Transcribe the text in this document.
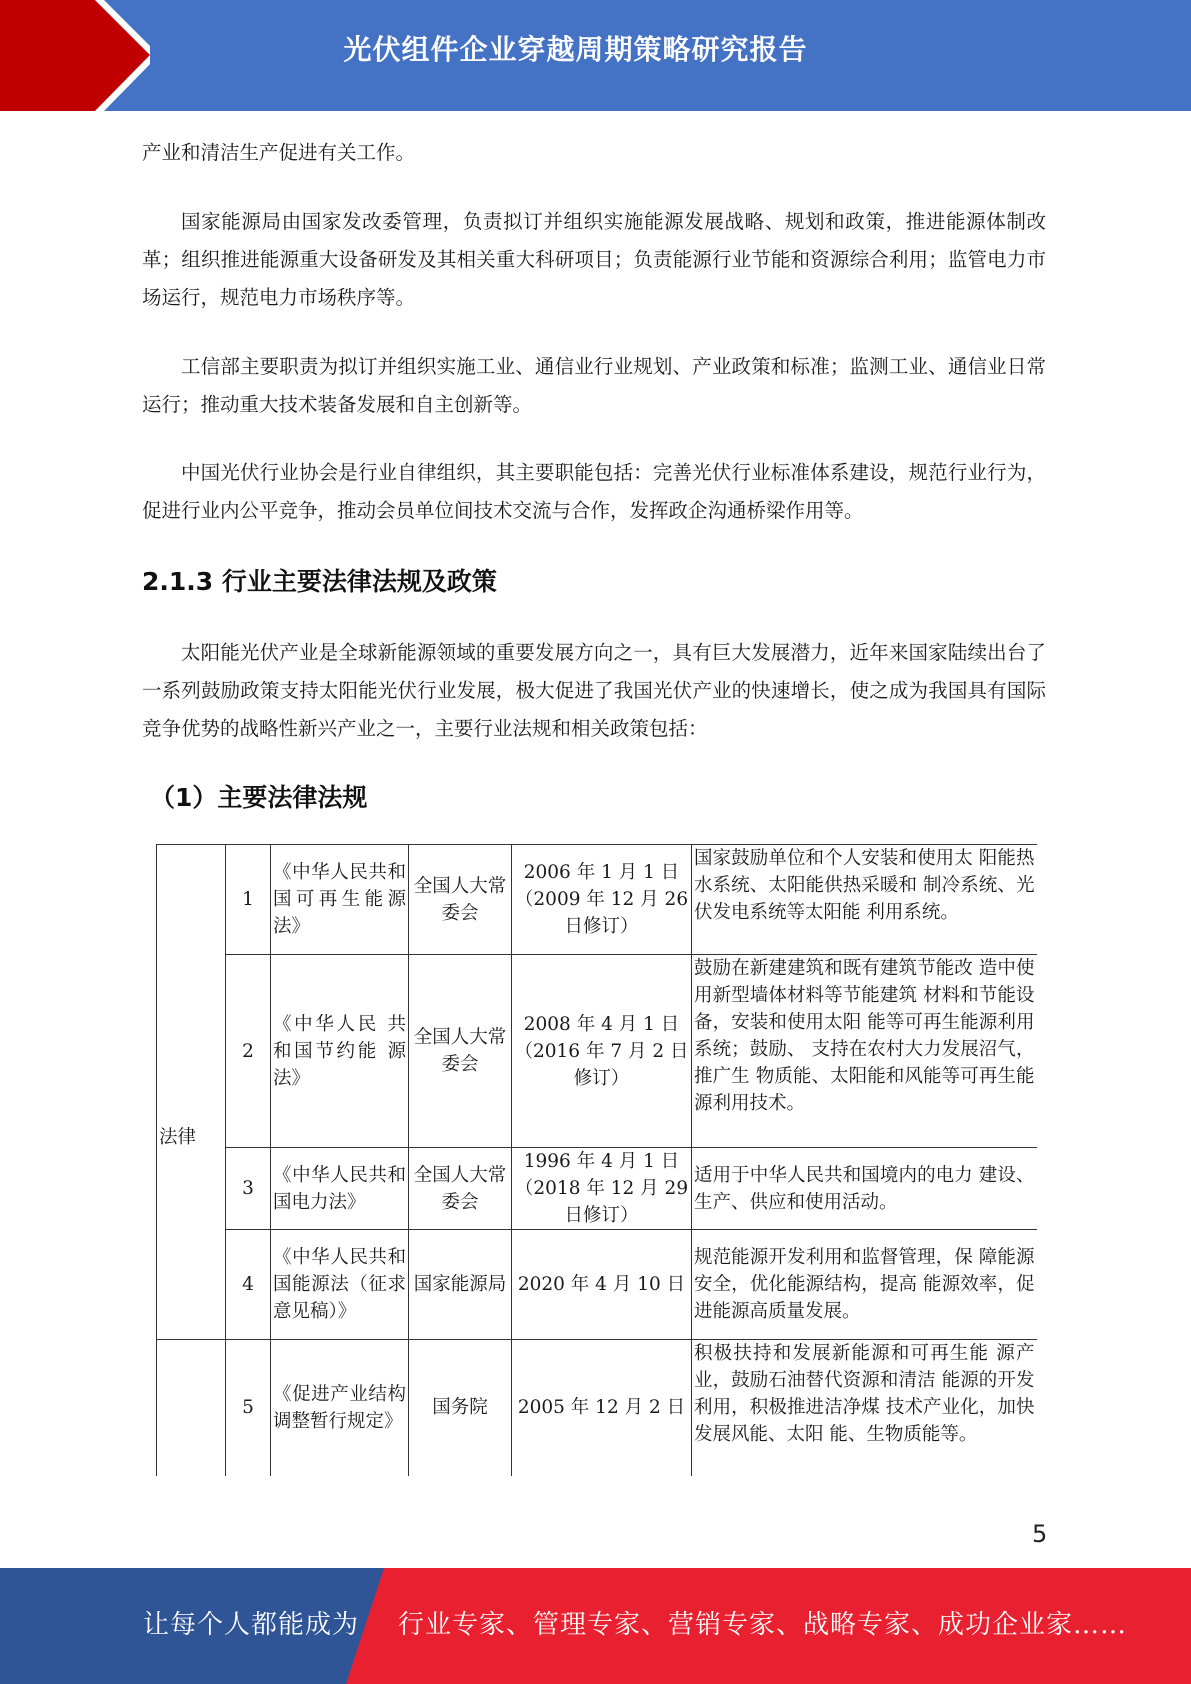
光伏组件企业穿越周期策略研究报告

产业和清洁生产促进有关工作。

国家能源局由国家发改委管理，负责拟订并组织实施能源发展战略、规划和政策，推进能源体制改革；组织推进能源重大设备研发及其相关重大科研项目；负责能源行业节能和资源综合利用；监管电力市场运行，规范电力市场秩序等。

工信部主要职责为拟订并组织实施工业、通信业行业规划、产业政策和标准；监测工业、通信业日常运行；推动重大技术装备发展和自主创新等。

中国光伏行业协会是行业自律组织，其主要职能包括：完善光伏行业标准体系建设，规范行业行为，促进行业内公平竞争，推动会员单位间技术交流与合作，发挥政企沟通桥梁作用等。

2.1.3 行业主要法律法规及政策

太阳能光伏产业是全球新能源领域的重要发展方向之一，具有巨大发展潜力，近年来国家陆续出台了一系列鼓励政策支持太阳能光伏行业发展，极大促进了我国光伏产业的快速增长，使之成为我国具有国际竞争优势的战略性新兴产业之一，主要行业法规和相关政策包括：

（1）主要法律法规
法律	1	《中华人民共和国可再生能源法》	全国人大常委会	2006 年 1 月 1 日（2009 年 12 月 26 日修订）	国家鼓励单位和个人安装和使用太 阳能热水系统、太阳能供热采暖和 制冷系统、光伏发电系统等太阳能 利用系统。
	2	《中华人民 共和国节约能 源法》	全国人大常委会	2008 年 4 月 1 日（2016 年 7 月 2 日修订）	鼓励在新建建筑和既有建筑节能改 造中使用新型墙体材料等节能建筑 材料和节能设备，安装和使用太阳 能等可再生能源利用系统；鼓励、 支持在农村大力发展沼气，推广生 物质能、太阳能和风能等可再生能 源利用技术。
	3	《中华人民共和国电力法》	全国人大常委会	1996 年 4 月 1 日（2018 年 12 月 29 日修订）	适用于中华人民共和国境内的电力 建设、生产、供应和使用活动。
	4	《中华人民共和国能源法（征求意见稿）》	国家能源局	2020 年 4 月 10 日	规范能源开发利用和监督管理，保 障能源安全，优化能源结构，提高 能源效率，促进能源高质量发展。
	5	《促进产业结构调整暂行规定》	国务院	2005 年 12 月 2 日	积极扶持和发展新能源和可再生能 源产业，鼓励石油替代资源和清洁 能源的开发利用，积极推进洁净煤 技术产业化，加快发展风能、太阳 能、生物质能等。
5
让每个人都能成为 行业专家、管理专家、营销专家、战略专家、成功企业家……
